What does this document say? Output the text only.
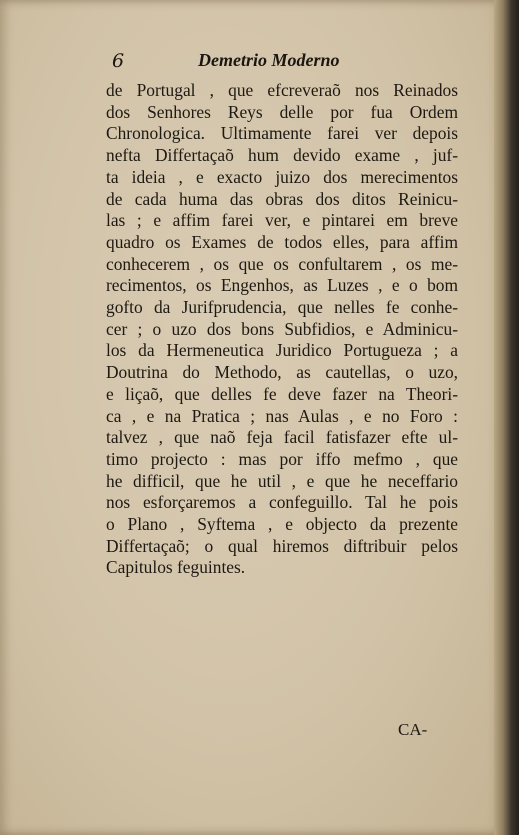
6	Demetrio Moderno
de Portugal , que efcreveraõ nos Reinados
dos Senhores Reys delle por fua Ordem
Chronologica. Ultimamente farei ver depois
nefta Differtaçaõ hum devido exame , juf-
ta ideia , e exacto juizo dos merecimentos
de cada huma das obras dos ditos Reinicu-
las ; e affim farei ver, e pintarei em breve
quadro os Exames de todos elles, para affim
conhecerem , os que os confultarem , os me-
recimentos, os Engenhos, as Luzes , e o bom
gofto da Jurifprudencia, que nelles fe conhe-
cer ; o uzo dos bons Subfidios, e Adminicu-
los da Hermeneutica Juridico Portugueza ; a
Doutrina do Methodo, as cautellas, o uzo,
e liçaõ, que delles fe deve fazer na Theori-
ca , e na Pratica ; nas Aulas , e no Foro :
talvez , que naõ feja facil fatisfazer efte ul-
timo projecto : mas por iffo mefmo , que
he difficil, que he util , e que he neceffario
nos esforçaremos a confeguillo. Tal he pois
o Plano , Syftema , e objecto da prezente
Differtaçaõ; o qual hiremos diftribuir pelos
Capitulos feguintes.
CA-
